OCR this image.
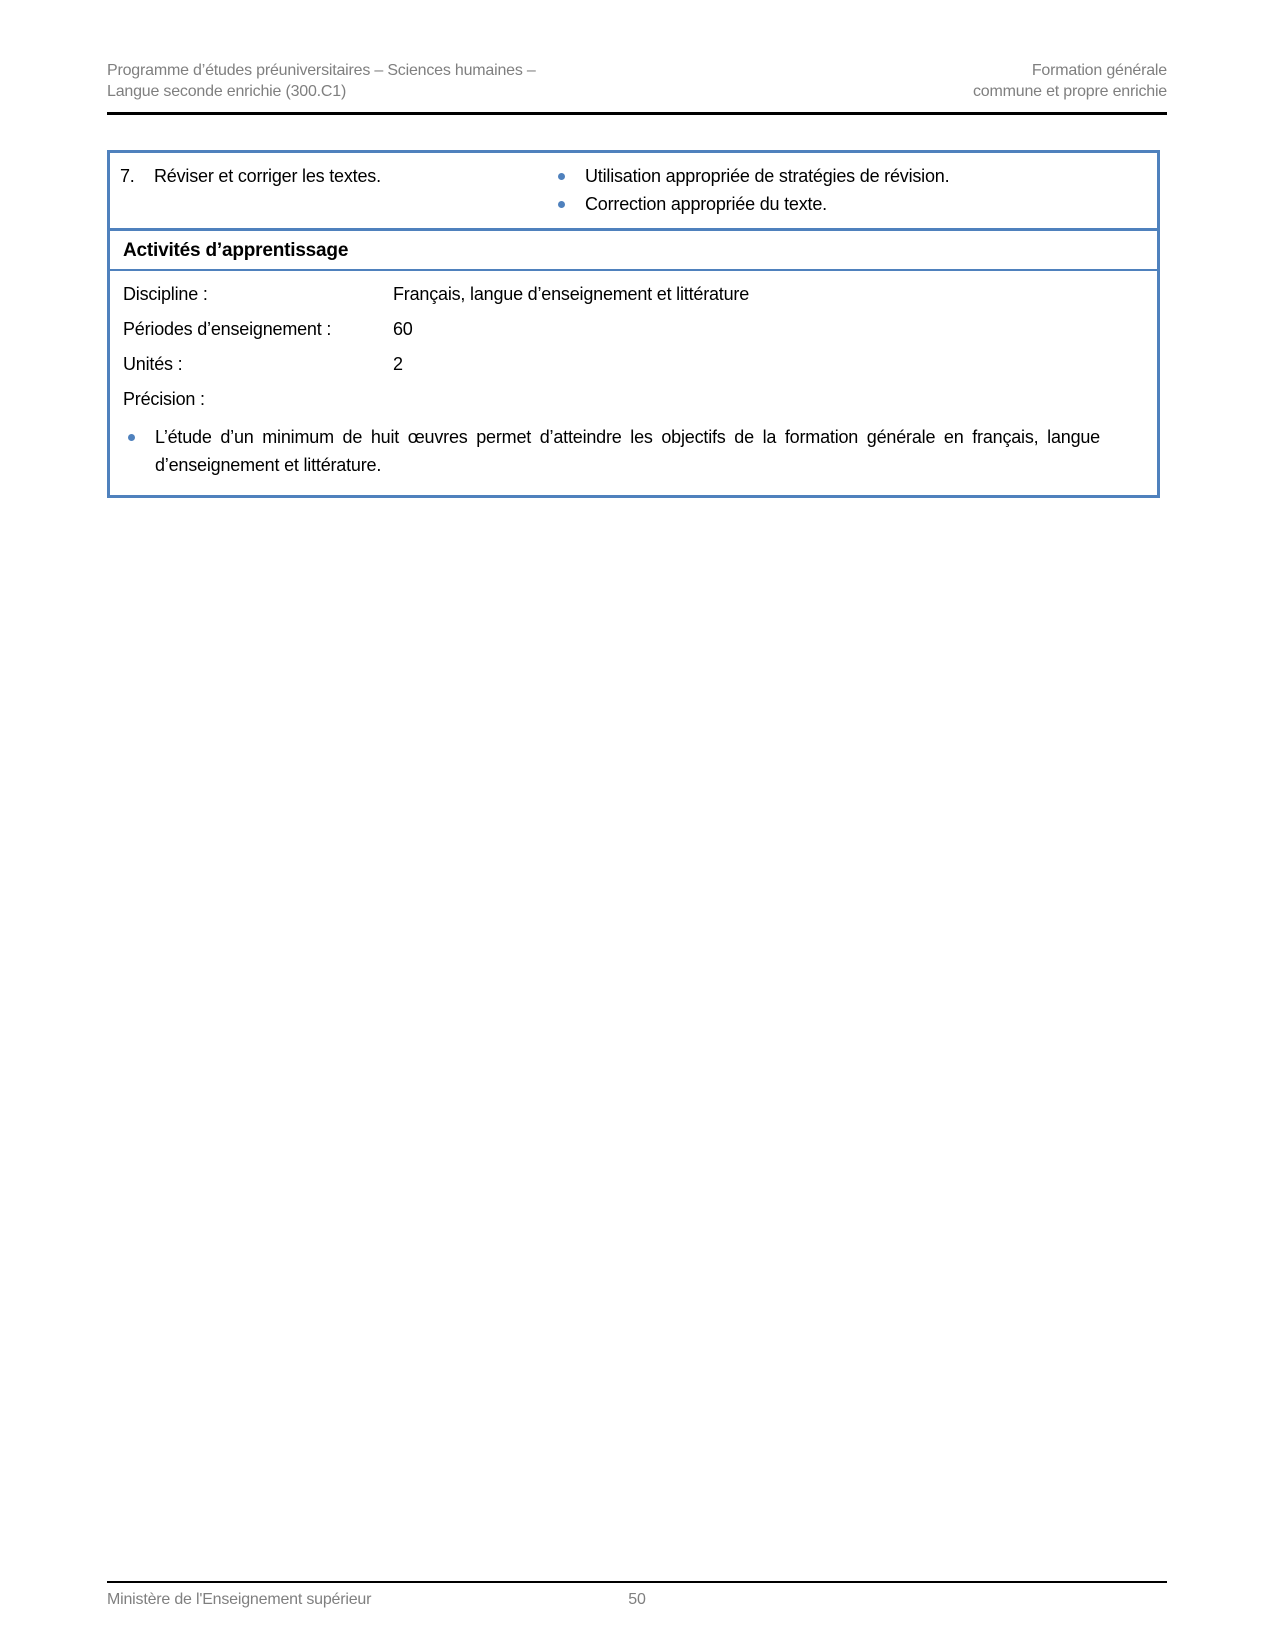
Programme d’études préuniversitaires – Sciences humaines –
Langue seconde enrichie (300.C1)
Formation générale
commune et propre enrichie
7.	Réviser et corriger les textes.	Utilisation appropriée de stratégies de révision.
Correction appropriée du texte.
Activités d’apprentissage
Discipline :	Français, langue d’enseignement et littérature
Périodes d’enseignement :	60
Unités :	2
Précision :
L’étude d’un minimum de huit œuvres permet d’atteindre les objectifs de la formation générale en français, langue d’enseignement et littérature.
Ministère de l'Enseignement supérieur	50
